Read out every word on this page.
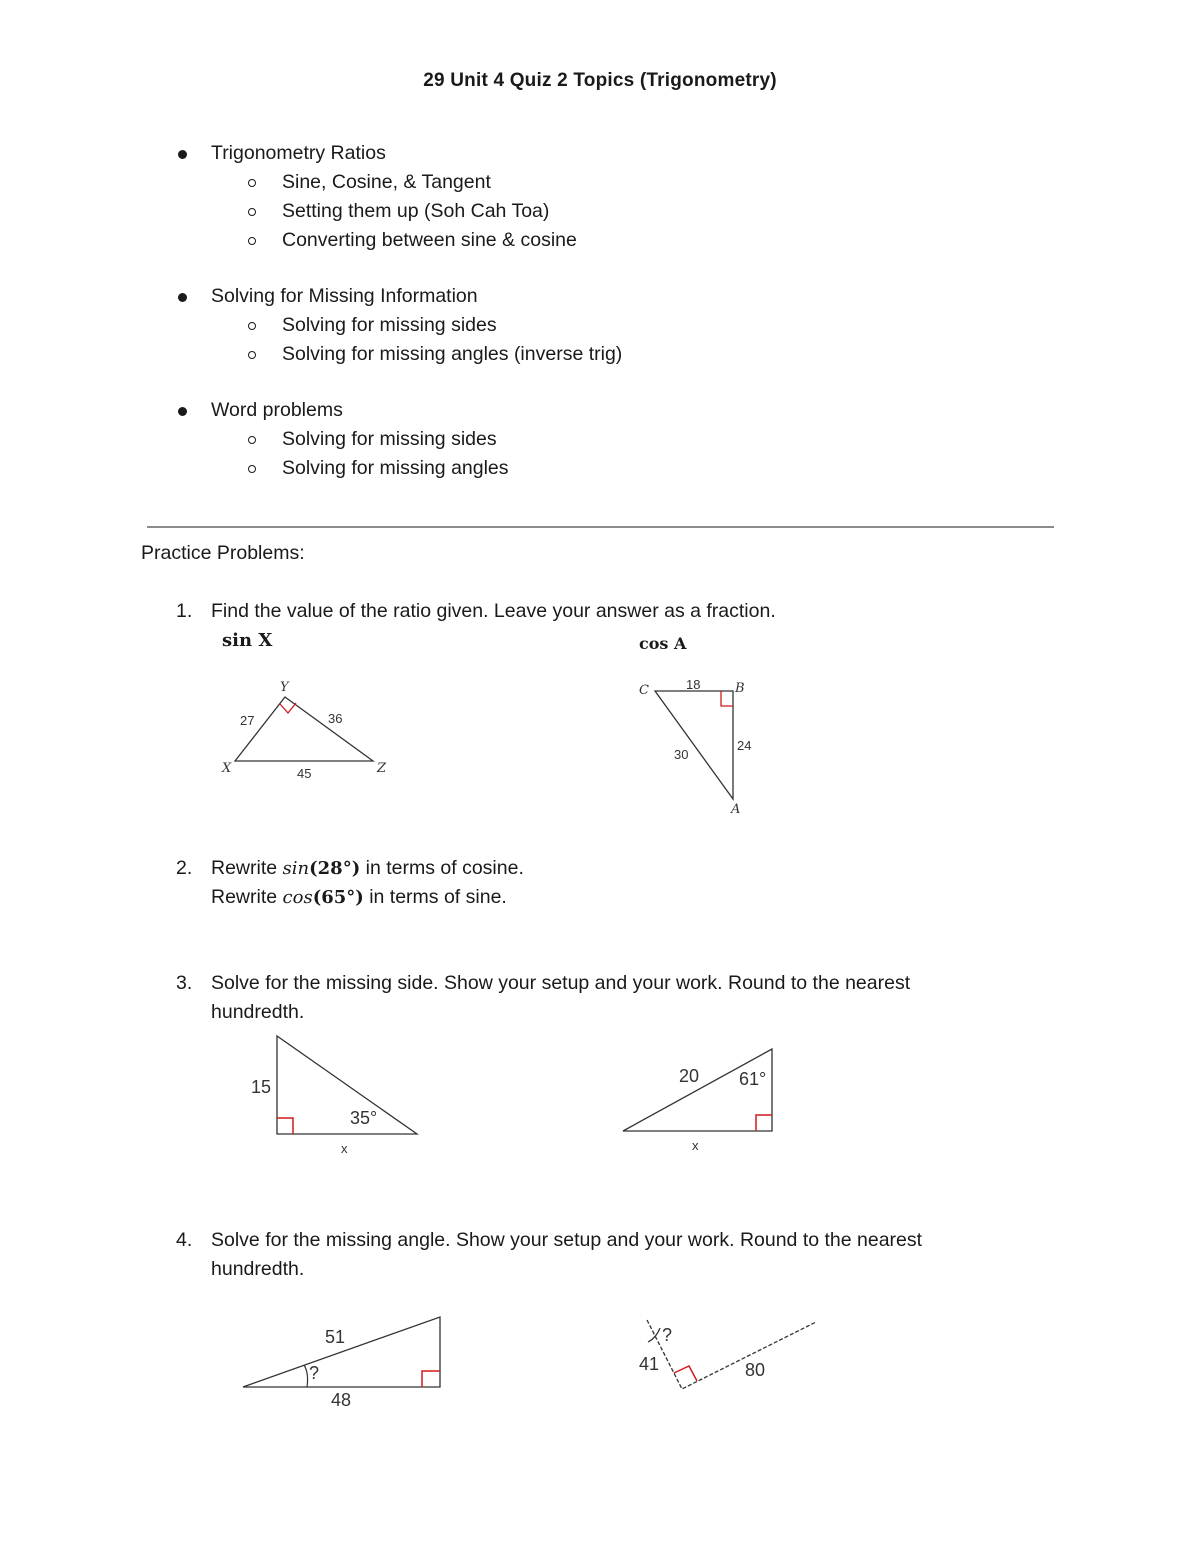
29 Unit 4 Quiz 2 Topics (Trigonometry)
Trigonometry Ratios
Sine, Cosine, & Tangent
Setting them up (Soh Cah Toa)
Converting between sine & cosine
Solving for Missing Information
Solving for missing sides
Solving for missing angles (inverse trig)
Word problems
Solving for missing sides
Solving for missing angles
Practice Problems:
1. Find the value of the ratio given. Leave your answer as a fraction.
sin X	cos A
Y
X	Z
27	36
45
C	B
A
18
24
30
2. Rewrite sin(28°) in terms of cosine.
Rewrite cos(65°) in terms of sine.
3. Solve for the missing side. Show your setup and your work. Round to the nearest
hundredth.
15
35°
x
20 61°
x
4. Solve for the missing angle. Show your setup and your work. Round to the nearest
hundredth.
51
?
48
?
41	80
